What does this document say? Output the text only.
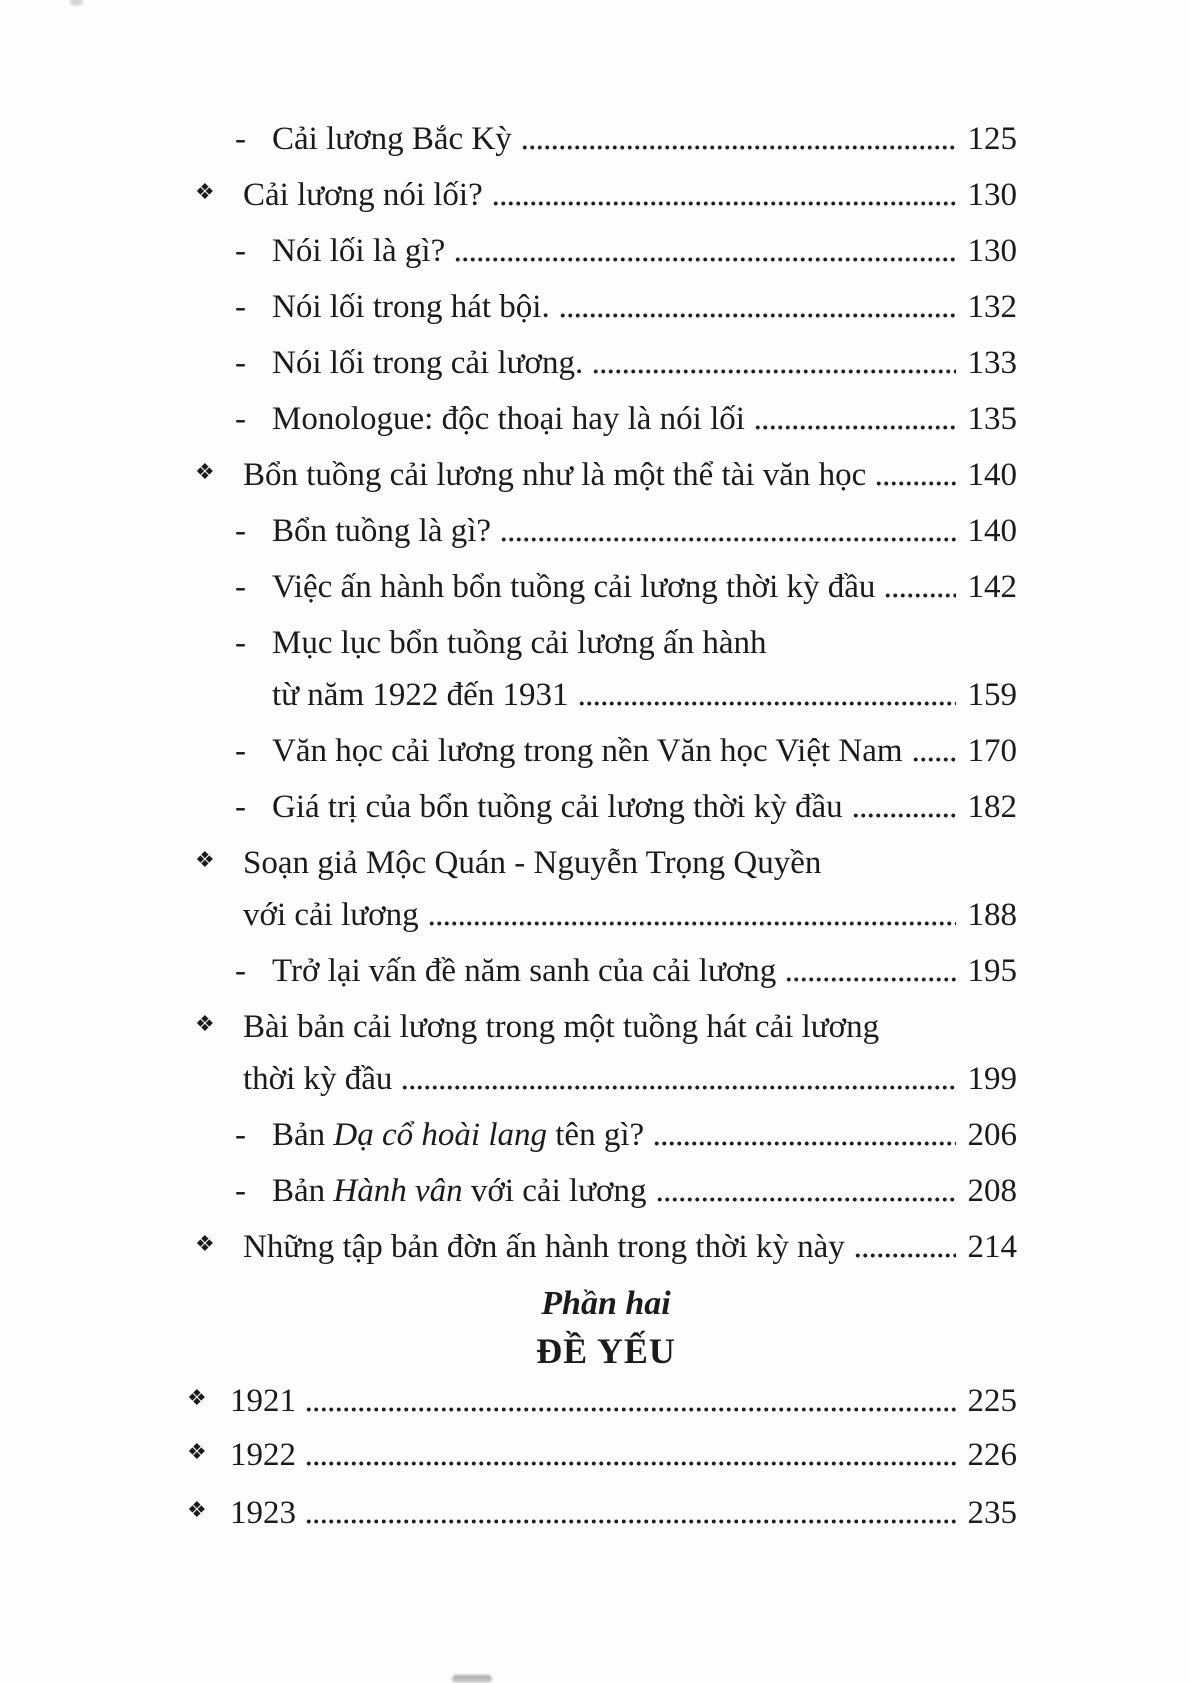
- Cải lương Bắc Kỳ	125
❖ Cải lương nói lối?	130
- Nói lối là gì?	130
- Nói lối trong hát bội.	132
- Nói lối trong cải lương.	133
- Monologue: độc thoại hay là nói lối	135
❖ Bổn tuồng cải lương như là một thể tài văn học	140
- Bổn tuồng là gì?	140
- Việc ấn hành bổn tuồng cải lương thời kỳ đầu	142
- Mục lục bổn tuồng cải lương ấn hành
từ năm 1922 đến 1931	159
- Văn học cải lương trong nền Văn học Việt Nam 170
- Giá trị của bổn tuồng cải lương thời kỳ đầu	182
❖ Soạn giả Mộc Quán - Nguyễn Trọng Quyền
với cải lương	188
- Trở lại vấn đề năm sanh của cải lương	195
❖ Bài bản cải lương trong một tuồng hát cải lương
thời kỳ đầu	199
- Bản Dạ cổ hoài lang tên gì?	206
- Bản Hành vân với cải lương	208
❖ Những tập bản đờn ấn hành trong thời kỳ này	214
Phần hai
ĐỀ YẾU
❖ 1921	225
❖ 1922	226
❖ 1923	235
